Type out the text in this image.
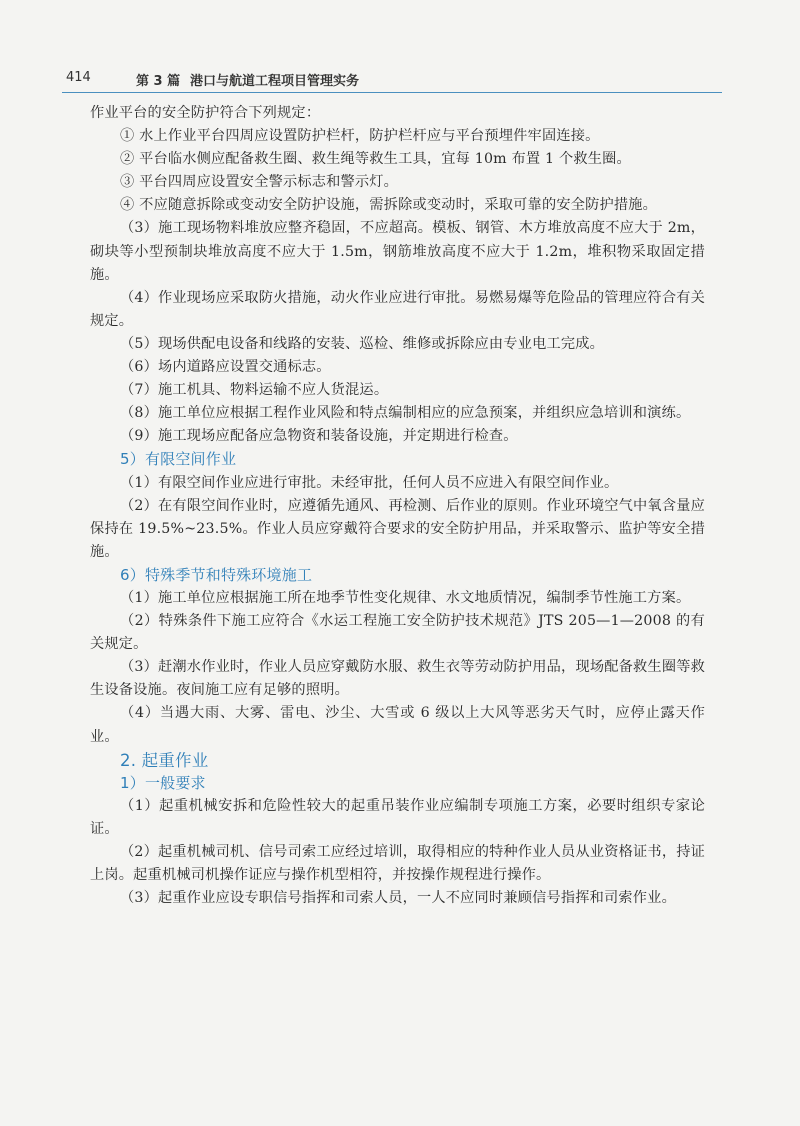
414	第 3 篇 港口与航道工程项目管理实务

作业平台的安全防护符合下列规定：

① 水上作业平台四周应设置防护栏杆，防护栏杆应与平台预埋件牢固连接。

② 平台临水侧应配备救生圈、救生绳等救生工具，宜每 10m 布置 1 个救生圈。

③ 平台四周应设置安全警示标志和警示灯。

④ 不应随意拆除或变动安全防护设施，需拆除或变动时，采取可靠的安全防护措施。

（3）施工现场物料堆放应整齐稳固，不应超高。模板、钢管、木方堆放高度不应大于 2m，砌块等小型预制块堆放高度不应大于 1.5m，钢筋堆放高度不应大于 1.2m，堆积物采取固定措施。

（4）作业现场应采取防火措施，动火作业应进行审批。易燃易爆等危险品的管理应符合有关规定。

（5）现场供配电设备和线路的安装、巡检、维修或拆除应由专业电工完成。

（6）场内道路应设置交通标志。

（7）施工机具、物料运输不应人货混运。

（8）施工单位应根据工程作业风险和特点编制相应的应急预案，并组织应急培训和演练。

（9）施工现场应配备应急物资和装备设施，并定期进行检查。

5）有限空间作业

（1）有限空间作业应进行审批。未经审批，任何人员不应进入有限空间作业。

（2）在有限空间作业时，应遵循先通风、再检测、后作业的原则。作业环境空气中氧含量应保持在 19.5%~23.5%。作业人员应穿戴符合要求的安全防护用品，并采取警示、监护等安全措施。

6）特殊季节和特殊环境施工

（1）施工单位应根据施工所在地季节性变化规律、水文地质情况，编制季节性施工方案。

（2）特殊条件下施工应符合《水运工程施工安全防护技术规范》JTS 205—1—2008 的有关规定。

（3）赶潮水作业时，作业人员应穿戴防水服、救生衣等劳动防护用品，现场配备救生圈等救生设备设施。夜间施工应有足够的照明。

（4）当遇大雨、大雾、雷电、沙尘、大雪或 6 级以上大风等恶劣天气时，应停止露天作业。

2. 起重作业

1）一般要求

（1）起重机械安拆和危险性较大的起重吊装作业应编制专项施工方案，必要时组织专家论证。

（2）起重机械司机、信号司索工应经过培训，取得相应的特种作业人员从业资格证书，持证上岗。起重机械司机操作证应与操作机型相符，并按操作规程进行操作。

（3）起重作业应设专职信号指挥和司索人员，一人不应同时兼顾信号指挥和司索作业。
